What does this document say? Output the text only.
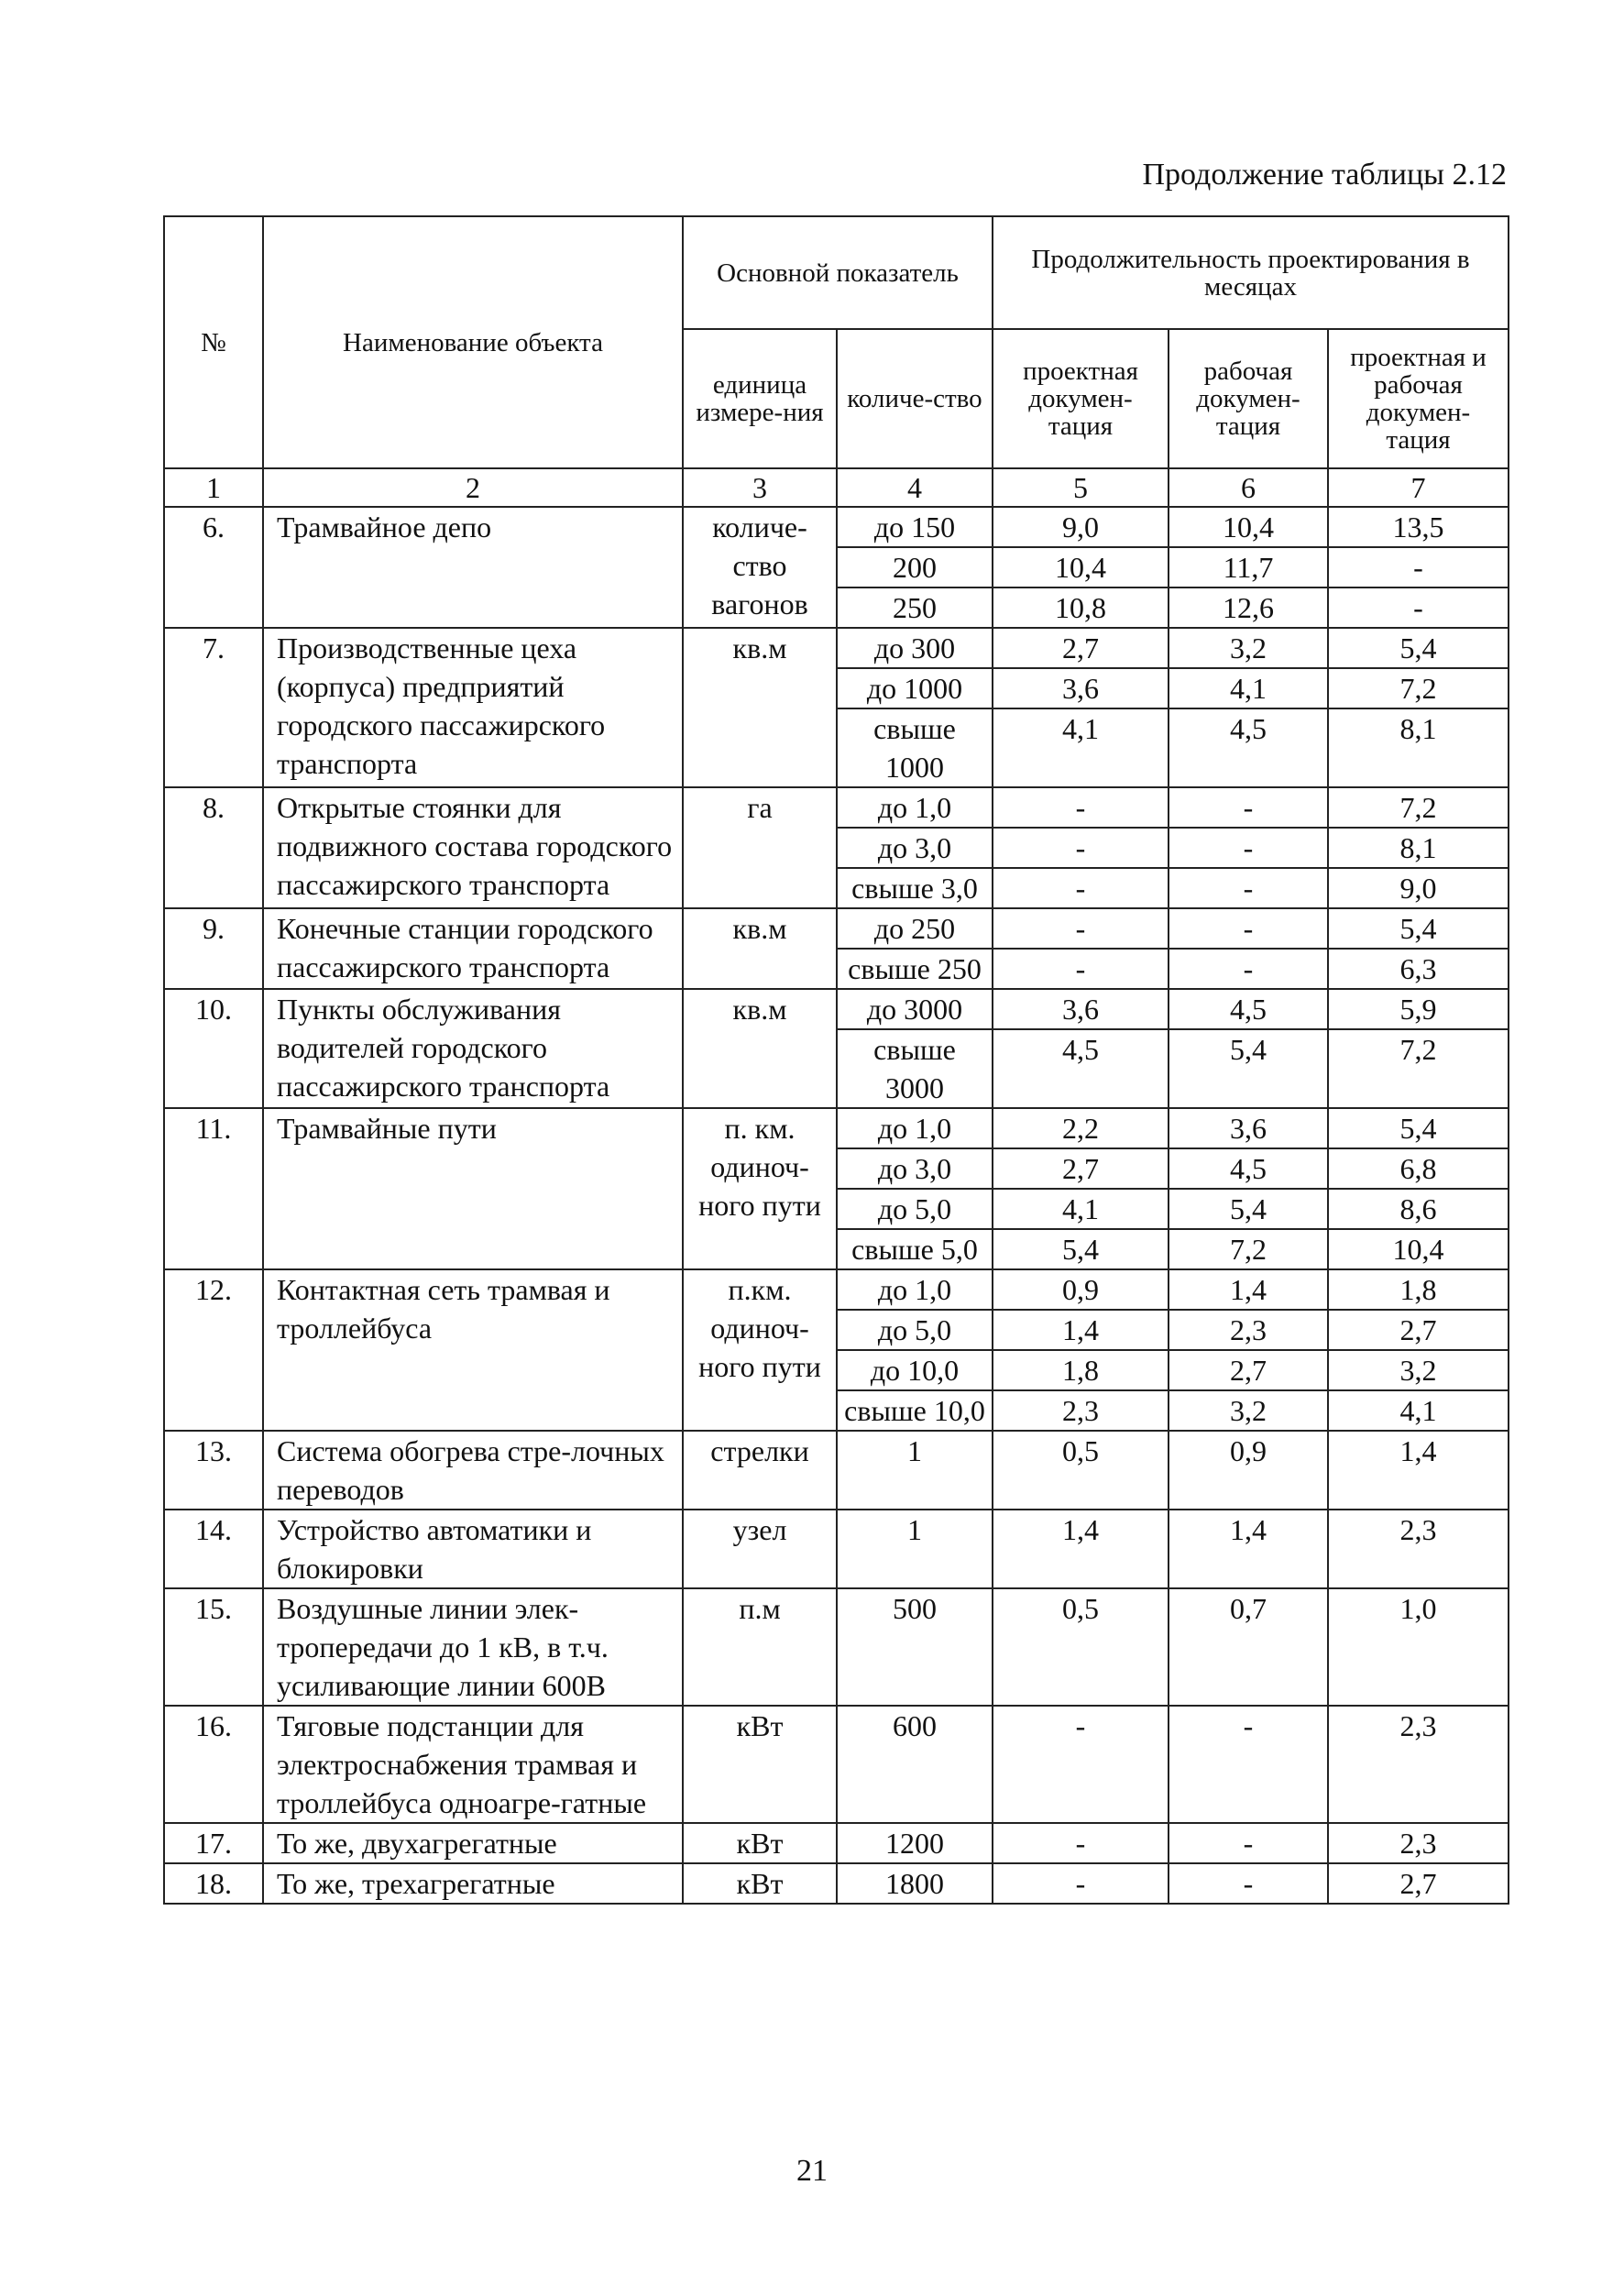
Продолжение таблицы 2.12
№	Наименование объекта	Основной показатель		Продолжительность проектирования в месяцах		
		единица измере-ния	количе-ство	проектная докумен-тация	рабочая докумен-тация	проектная и рабочая докумен-тация
1	2	3	4	5	6	7
6.	Трамвайное депо	количе-ство вагонов	до 150	9,0	10,4	13,5
			200	10,4	11,7	-
			250	10,8	12,6	-
7.	Производственные цеха (корпуса) предприятий городского пассажирского транспорта	кв.м	до 300	2,7	3,2	5,4
			до 1000	3,6	4,1	7,2
			свыше 1000	4,1	4,5	8,1
8.	Открытые стоянки для подвижного состава городского пассажирского транспорта	га	до 1,0	-	-	7,2
			до 3,0	-	-	8,1
			свыше 3,0	-	-	9,0
9.	Конечные станции городского пассажирского транспорта	кв.м	до 250	-	-	5,4
			свыше 250	-	-	6,3
10.	Пункты обслуживания водителей городского пассажирского транспорта	кв.м	до 3000	3,6	4,5	5,9
			свыше 3000	4,5	5,4	7,2
11.	Трамвайные пути	п. км. одиноч-ного пути	до 1,0	2,2	3,6	5,4
			до 3,0	2,7	4,5	6,8
			до 5,0	4,1	5,4	8,6
			свыше 5,0	5,4	7,2	10,4
12.	Контактная сеть трамвая и троллейбуса	п.км. одиноч-ного пути	до 1,0	0,9	1,4	1,8
			до 5,0	1,4	2,3	2,7
			до 10,0	1,8	2,7	3,2
			свыше 10,0	2,3	3,2	4,1
13.	Система обогрева стре-лочных переводов	стрелки	1	0,5	0,9	1,4
14.	Устройство автоматики и блокировки	узел	1	1,4	1,4	2,3
15.	Воздушные линии элек-тропередачи до 1 кВ, в т.ч. усиливающие линии 600В	п.м	500	0,5	0,7	1,0
16.	Тяговые подстанции для электроснабжения трамвая и троллейбуса одноагре-гатные	кВт	600	-	-	2,3
17.	То же, двухагрегатные	кВт	1200	-	-	2,3
18.	То же, трехагрегатные	кВт	1800	-	-	2,7
21
